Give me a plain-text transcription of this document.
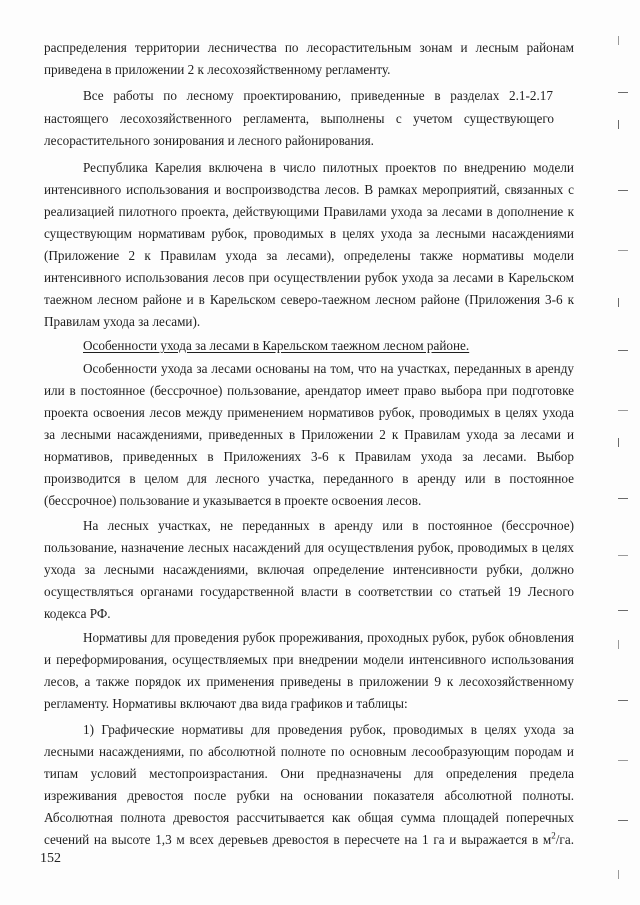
распределения территории лесничества по лесорастительным зонам и лесным районам
приведена в приложении 2 к лесохозяйственному регламенту.
Все работы по лесному проектированию, приведенные в разделах 2.1-2.17
настоящего лесохозяйственного регламента, выполнены с учетом существующего
лесорастительного зонирования и лесного районирования.
Республика Карелия включена в число пилотных проектов по внедрению модели
интенсивного использования и воспроизводства лесов. В рамках мероприятий, связанных с
реализацией пилотного проекта, действующими Правилами ухода за лесами в дополнение к
существующим нормативам рубок, проводимых в целях ухода за лесными насаждениями
(Приложение 2 к Правилам ухода за лесами), определены также нормативы модели
интенсивного использования лесов при осуществлении рубок ухода за лесами в Карельском
таежном лесном районе и в Карельском северо-таежном лесном районе (Приложения 3-6 к
Правилам ухода за лесами).
Особенности ухода за лесами в Карельском таежном лесном районе.
Особенности ухода за лесами основаны на том, что на участках, переданных в аренду
или в постоянное (бессрочное) пользование, арендатор имеет право выбора при подготовке
проекта освоения лесов между применением нормативов рубок, проводимых в целях ухода
за лесными насаждениями, приведенных в Приложении 2 к Правилам ухода за лесами и
нормативов, приведенных в Приложениях 3-6 к Правилам ухода за лесами. Выбор
производится в целом для лесного участка, переданного в аренду или в постоянное
(бессрочное) пользование и указывается в проекте освоения лесов.
На лесных участках, не переданных в аренду или в постоянное (бессрочное)
пользование, назначение лесных насаждений для осуществления рубок, проводимых в целях
ухода за лесными насаждениями, включая определение интенсивности рубки, должно
осуществляться органами государственной власти в соответствии со статьей 19 Лесного
кодекса РФ.
Нормативы для проведения рубок прореживания, проходных рубок, рубок обновления
и переформирования, осуществляемых при внедрении модели интенсивного использования
лесов, а также порядок их применения приведены в приложении 9 к лесохозяйственному
регламенту. Нормативы включают два вида графиков и таблицы:
1) Графические нормативы для проведения рубок, проводимых в целях ухода за
лесными насаждениями, по абсолютной полноте по основным лесообразующим породам и
типам условий местопроизрастания. Они предназначены для определения предела
изреживания древостоя после рубки на основании показателя абсолютной полноты.
Абсолютная полнота древостоя рассчитывается как общая сумма площадей поперечных
сечений на высоте 1,3 м всех деревьев древостоя в пересчете на 1 га и выражается в $м^2/га$.
152
